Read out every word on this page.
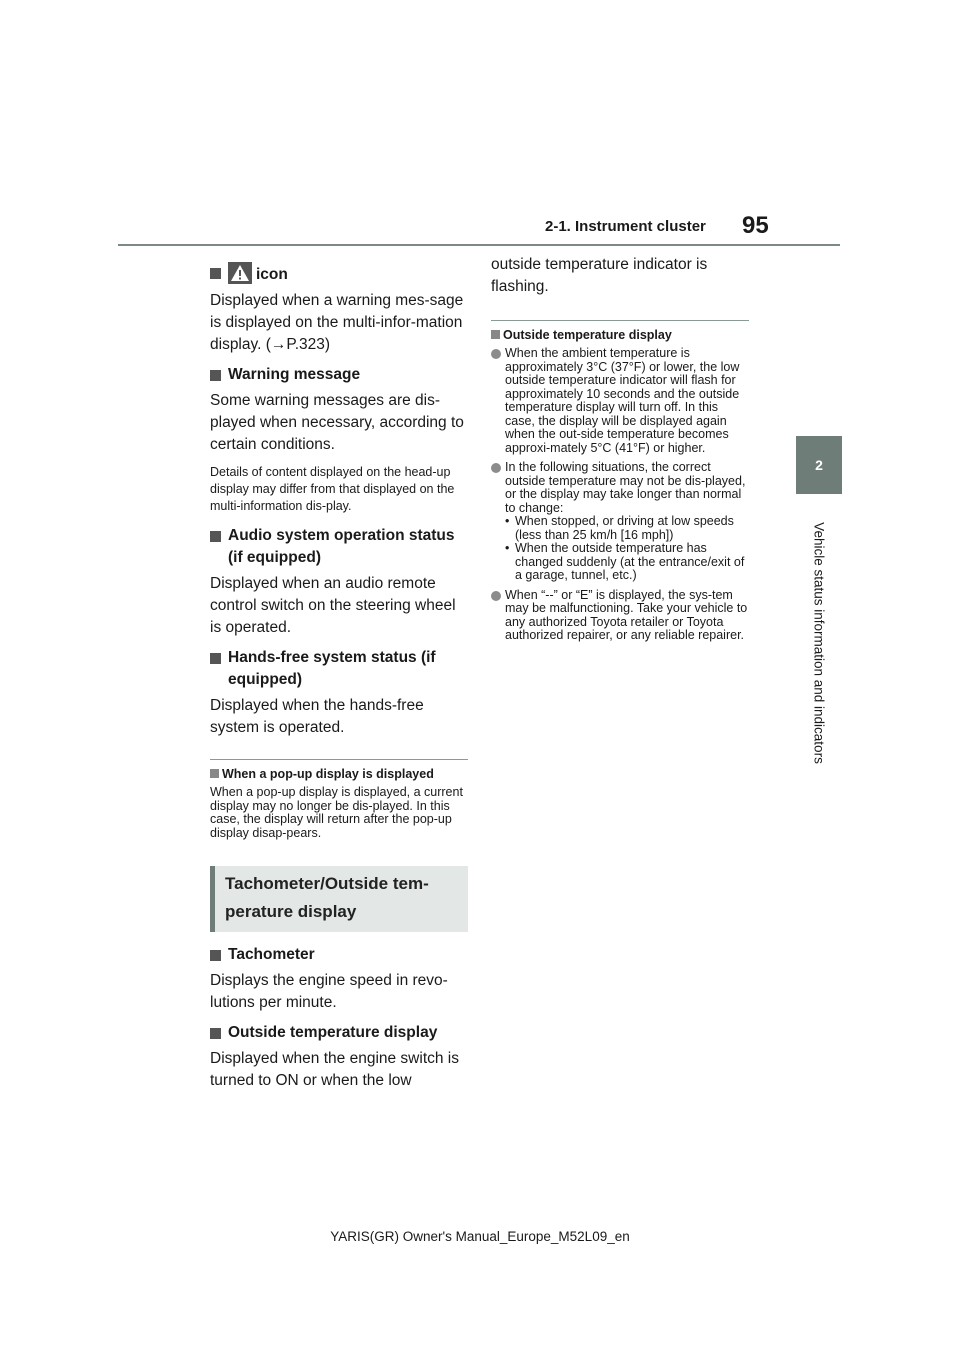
2-1. Instrument cluster 95
2
Vehicle status information and indicators
icon

Displayed when a warning mes-sage is displayed on the multi-infor-mation display. (→P.323)

Warning message

Some warning messages are dis-played when necessary, according to certain conditions.

Details of content displayed on the head-up display may differ from that displayed on the multi-information dis-play.

Audio system operation status (if equipped)

Displayed when an audio remote control switch on the steering wheel is operated.

Hands-free system status (if equipped)

Displayed when the hands-free system is operated.

When a pop-up display is displayed

When a pop-up display is displayed, a current display may no longer be dis-played. In this case, the display will return after the pop-up display disap-pears.

Tachometer/Outside tem-perature display
Tachometer

Displays the engine speed in revo-lutions per minute.

Outside temperature display

Displayed when the engine switch is turned to ON or when the low

outside temperature indicator is flashing.

Outside temperature display
When the ambient temperature is approximately 3°C (37°F) or lower, the low outside temperature indicator will flash for approximately 10 seconds and the outside temperature display will turn off. In this case, the display will be displayed again when the out-side temperature becomes approxi-mately 5°C (41°F) or higher.
In the following situations, the correct outside temperature may not be dis-played, or the display may take longer than normal to change:
• When stopped, or driving at low speeds (less than 25 km/h [16 mph])
• When the outside temperature has changed suddenly (at the entrance/exit of a garage, tunnel, etc.)
When “--” or “E” is displayed, the sys-tem may be malfunctioning. Take your vehicle to any authorized Toyota retailer or Toyota authorized repairer, or any reliable repairer.
YARIS(GR) Owner's Manual_Europe_M52L09_en
